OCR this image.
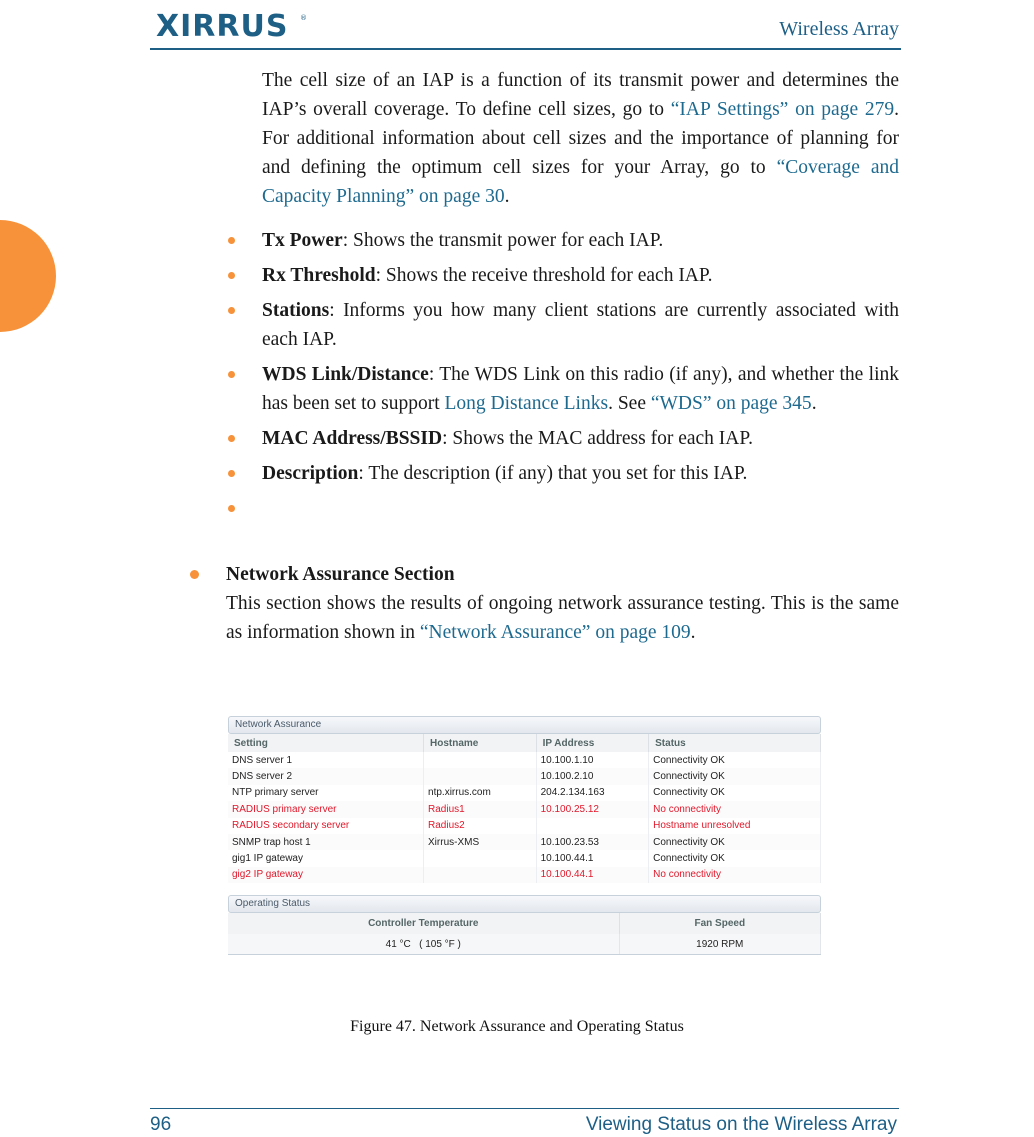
XIRRUS ®	Wireless Array
The cell size of an IAP is a function of its transmit power and determines the IAP’s overall coverage. To define cell sizes, go to “IAP Settings” on page 279. For additional information about cell sizes and the importance of planning for and defining the optimum cell sizes for your Array, go to “Coverage and Capacity Planning” on page 30.
Tx Power: Shows the transmit power for each IAP.
Rx Threshold: Shows the receive threshold for each IAP.
Stations: Informs you how many client stations are currently associated with each IAP.
WDS Link/Distance: The WDS Link on this radio (if any), and whether the link has been set to support Long Distance Links. See “WDS” on page 345.
MAC Address/BSSID: Shows the MAC address for each IAP.
Description: The description (if any) that you set for this IAP.
Network Assurance Section
This section shows the results of ongoing network assurance testing. This is the same as information shown in “Network Assurance” on page 109.
Network Assurance
Setting	Hostname	IP Address	Status
DNS server 1		10.100.1.10	Connectivity OK
DNS server 2		10.100.2.10	Connectivity OK
NTP primary server	ntp.xirrus.com	204.2.134.163	Connectivity OK
RADIUS primary server	Radius1	10.100.25.12	No connectivity
RADIUS secondary server	Radius2		Hostname unresolved
SNMP trap host 1	Xirrus-XMS	10.100.23.53	Connectivity OK
gig1 IP gateway		10.100.44.1	Connectivity OK
gig2 IP gateway		10.100.44.1	No connectivity
Operating Status
Controller Temperature	Fan Speed
41 °C   ( 105 °F )	1920 RPM
Figure 47. Network Assurance and Operating Status
96	Viewing Status on the Wireless Array
